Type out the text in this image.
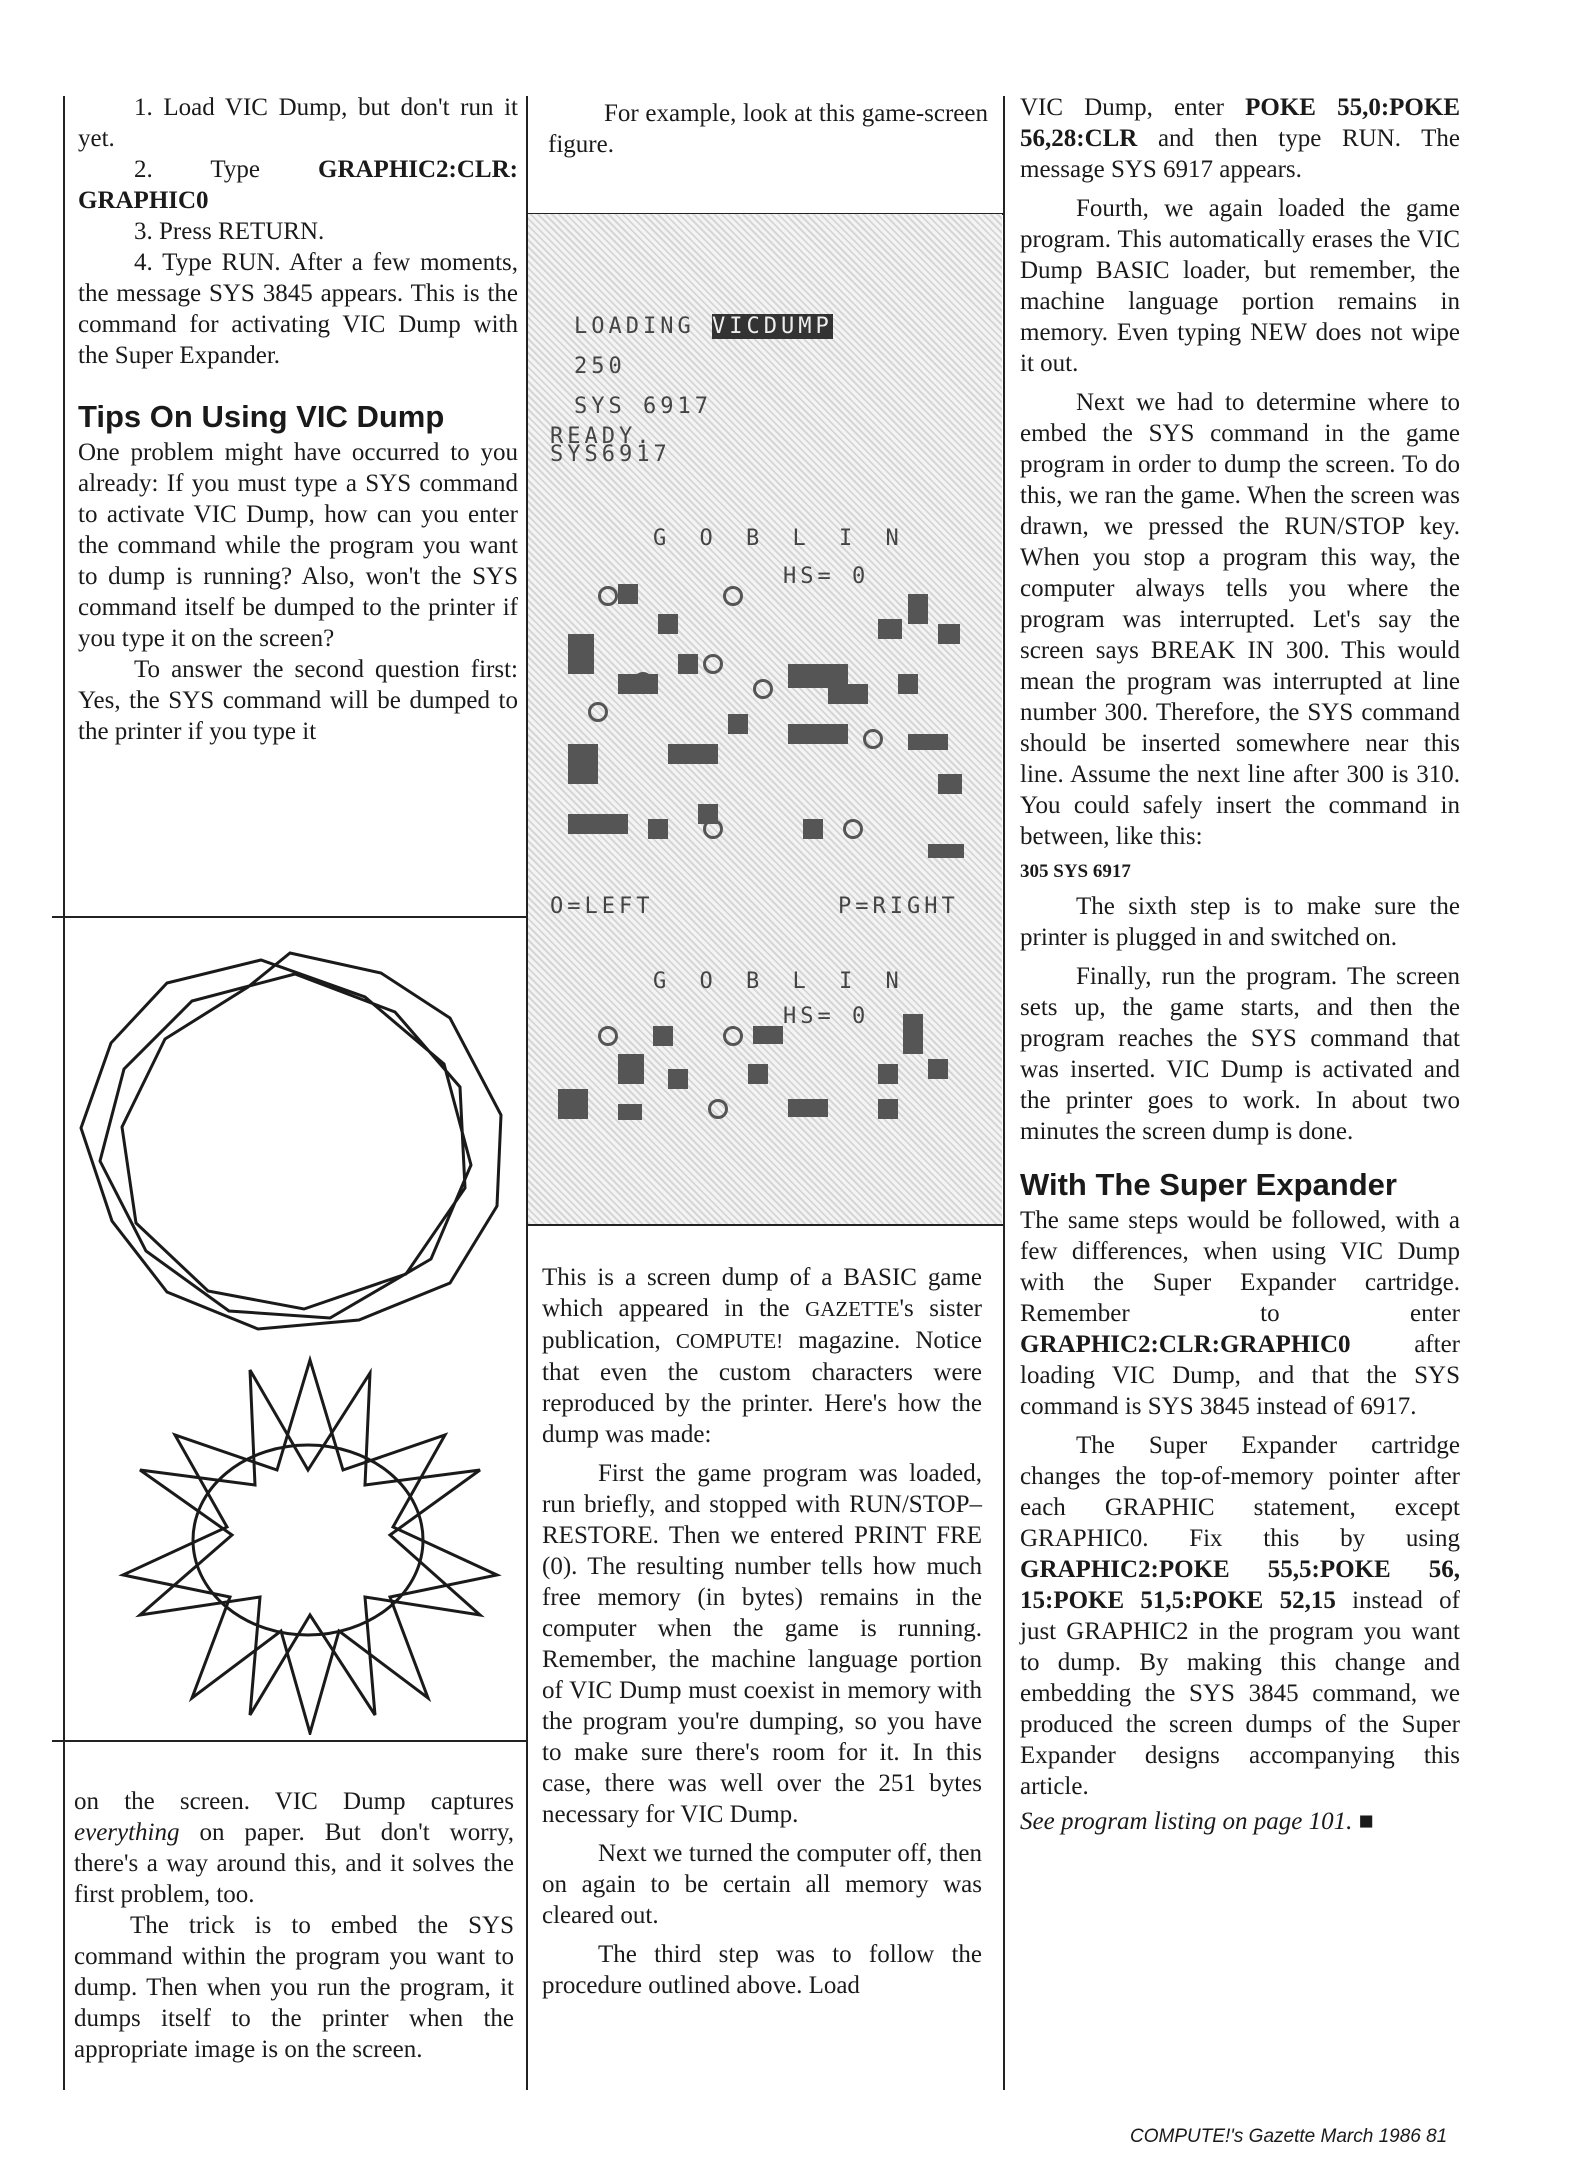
1. Load VIC Dump, but don't run it yet.

2. Type GRAPHIC2:CLR: GRAPHIC0

3. Press RETURN.

4. Type RUN. After a few moments, the message SYS 3845 appears. This is the command for activating VIC Dump with the Super Expander.

Tips On Using VIC Dump

One problem might have occurred to you already: If you must type a SYS command to activate VIC Dump, how can you enter the command while the program you want to dump is running? Also, won't the SYS command itself be dumped to the printer if you type it on the screen?

To answer the second question first: Yes, the SYS command will be dumped to the printer if you type it

on the screen. VIC Dump captures everything on paper. But don't worry, there's a way around this, and it solves the first problem, too.

The trick is to embed the SYS command within the program you want to dump. Then when you run the program, it dumps itself to the printer when the appropriate image is on the screen.

For example, look at this game-screen figure.

LOADING VICDUMP
250
SYS 6917
READY.
SYS6917
G O B L I N
HS= 0
O=LEFT	P=RIGHT
G O B L I N
HS= 0

This is a screen dump of a BASIC game which appeared in the GAZETTE's sister publication, COMPUTE! magazine. Notice that even the custom characters were reproduced by the printer. Here's how the dump was made:

First the game program was loaded, run briefly, and stopped with RUN/STOP–RESTORE. Then we entered PRINT FRE (0). The resulting number tells how much free memory (in bytes) remains in the computer when the game is running. Remember, the machine language portion of VIC Dump must coexist in memory with the program you're dumping, so you have to make sure there's room for it. In this case, there was well over the 251 bytes necessary for VIC Dump.

Next we turned the computer off, then on again to be certain all memory was cleared out.

The third step was to follow the procedure outlined above. Load

VIC Dump, enter POKE 55,0:POKE 56,28:CLR and then type RUN. The message SYS 6917 appears.

Fourth, we again loaded the game program. This automatically erases the VIC Dump BASIC loader, but remember, the machine language portion remains in memory. Even typing NEW does not wipe it out.

Next we had to determine where to embed the SYS command in the game program in order to dump the screen. To do this, we ran the game. When the screen was drawn, we pressed the RUN/STOP key. When you stop a program this way, the computer always tells you where the program was interrupted. Let's say the screen says BREAK IN 300. This would mean the program was interrupted at line number 300. Therefore, the SYS command should be inserted somewhere near this line. Assume the next line after 300 is 310. You could safely insert the command in between, like this:

305 SYS 6917

The sixth step is to make sure the printer is plugged in and switched on.

Finally, run the program. The screen sets up, the game starts, and then the program reaches the SYS command that was inserted. VIC Dump is activated and the printer goes to work. In about two minutes the screen dump is done.

With The Super Expander

The same steps would be followed, with a few differences, when using VIC Dump with the Super Expander cartridge. Remember to enter GRAPHIC2:CLR:GRAPHIC0 after loading VIC Dump, and that the SYS command is SYS 3845 instead of 6917.

The Super Expander cartridge changes the top-of-memory pointer after each GRAPHIC statement, except GRAPHIC0. Fix this by using GRAPHIC2:POKE 55,5:POKE 56, 15:POKE 51,5:POKE 52,15 instead of just GRAPHIC2 in the program you want to dump. By making this change and embedding the SYS 3845 command, we produced the screen dumps of the Super Expander designs accompanying this article.

See program listing on page 101. ■

COMPUTE!'s Gazette March 1986 81
